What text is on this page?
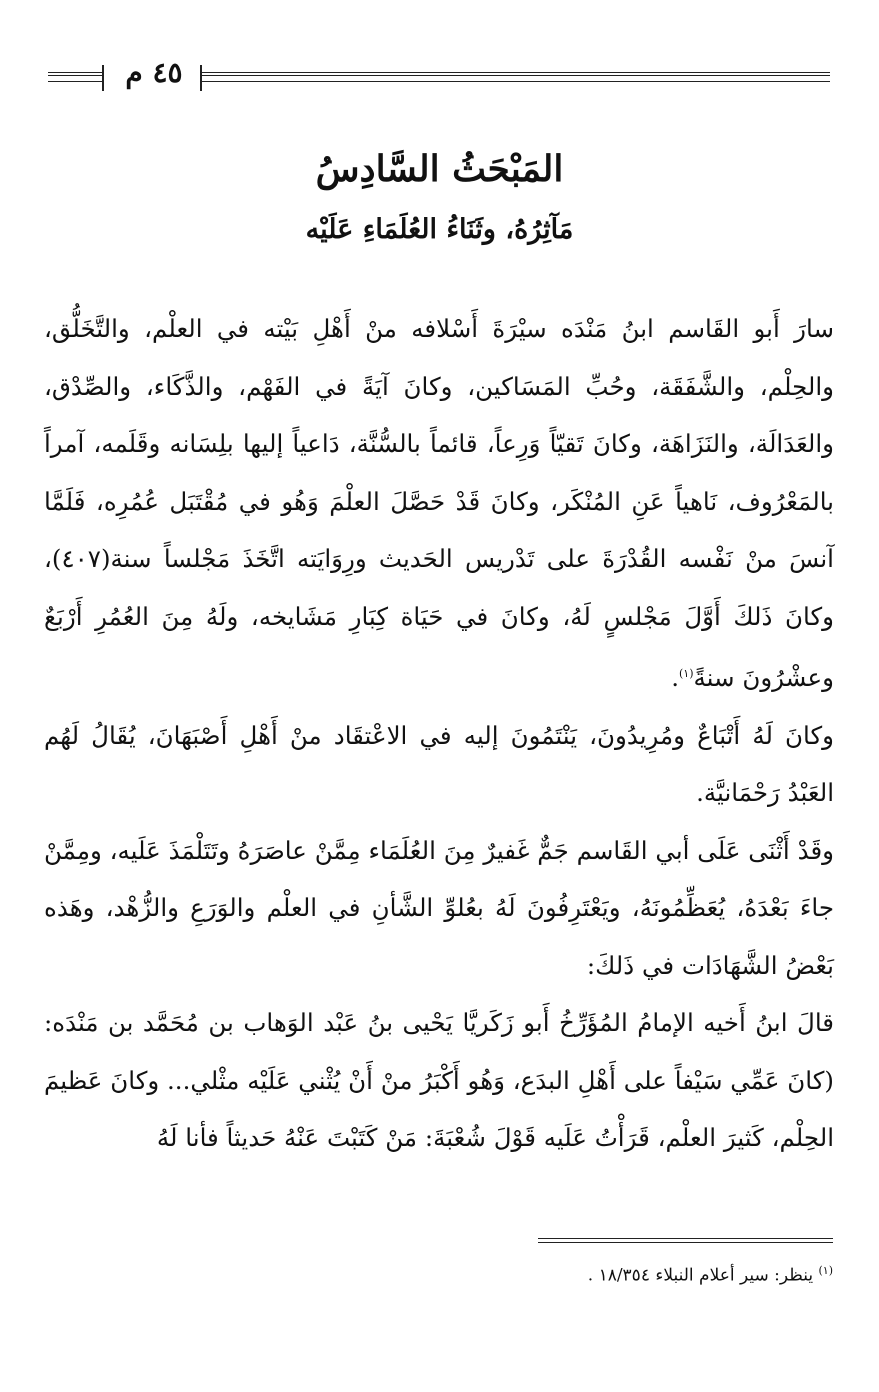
٤٥ م
المَبْحَثُ السَّادِسُ
مَآثِرُهُ، وثَنَاءُ العُلَمَاءِ عَلَيْه

سارَ أَبو القَاسم ابنُ مَنْدَه سيْرَةَ أَسْلافه منْ أَهْلِ بَيْته في العلْم، والتَّخَلُّق، والحِلْم، والشَّفَقَة، وحُبِّ المَسَاكين، وكانَ آيَةً في الفَهْم، والذَّكَاء، والصِّدْق، والعَدَالَة، والنَزَاهَة، وكانَ تَقيّاً وَرِعاً، قائماً بالسُّنَّة، دَاعياً إليها بلِسَانه وقَلَمه، آمراً بالمَعْرُوف، نَاهياً عَنِ المُنْكَر، وكانَ قَدْ حَصَّلَ العلْمَ وَهُو في مُقْتَبَل عُمُرِه، فَلَمَّا آنسَ منْ نَفْسه القُدْرَةَ على تَدْريس الحَديث ورِوَايَته اتَّخَذَ مَجْلساً سنة(٤٠٧)، وكانَ ذَلكَ أَوَّلَ مَجْلسٍ لَهُ، وكانَ في حَيَاة كِبَارِ مَشَايخه، ولَهُ مِنَ العُمُرِ أَرْبَعٌ وعشْرُونَ سنةً$^{(١)}$.

وكانَ لَهُ أَتْبَاعٌ ومُرِيدُونَ، يَنْتَمُونَ إليه في الاعْتقَاد منْ أَهْلِ أَصْبَهَانَ، يُقَالُ لَهُم العَبْدُ رَحْمَانيَّة.

وقَدْ أَثْنَى عَلَى أبي القَاسم جَمٌّ غَفيرٌ مِنَ العُلَمَاء مِمَّنْ عاصَرَهُ وتَتَلْمَذَ عَلَيه، ومِمَّنْ جاءَ بَعْدَهُ، يُعَظِّمُونَهُ، ويَعْتَرِفُونَ لَهُ بعُلوِّ الشَّأنِ في العلْم والوَرَعِ والزُّهْد، وهَذه بَعْضُ الشَّهَادَات في ذَلكَ:

قالَ ابنُ أَخيه الإمامُ المُؤَرِّخُ أَبو زَكَريَّا يَحْيى بنُ عَبْد الوَهاب بن مُحَمَّد بن مَنْدَه: (كانَ عَمِّي سَيْفاً على أَهْلِ البدَع، وَهُو أَكْبَرُ منْ أَنْ يُثْني عَلَيْه مثْلي... وكانَ عَظيمَ الحِلْم، كَثيرَ العلْم، قَرَأْتُ عَلَيه قَوْلَ شُعْبَةَ: مَنْ كَتَبْتَ عَنْهُ حَديثاً فأنا لَهُ

$^{(١)}$ ينظر: سير أعلام النبلاء ١٨/٣٥٤ .
